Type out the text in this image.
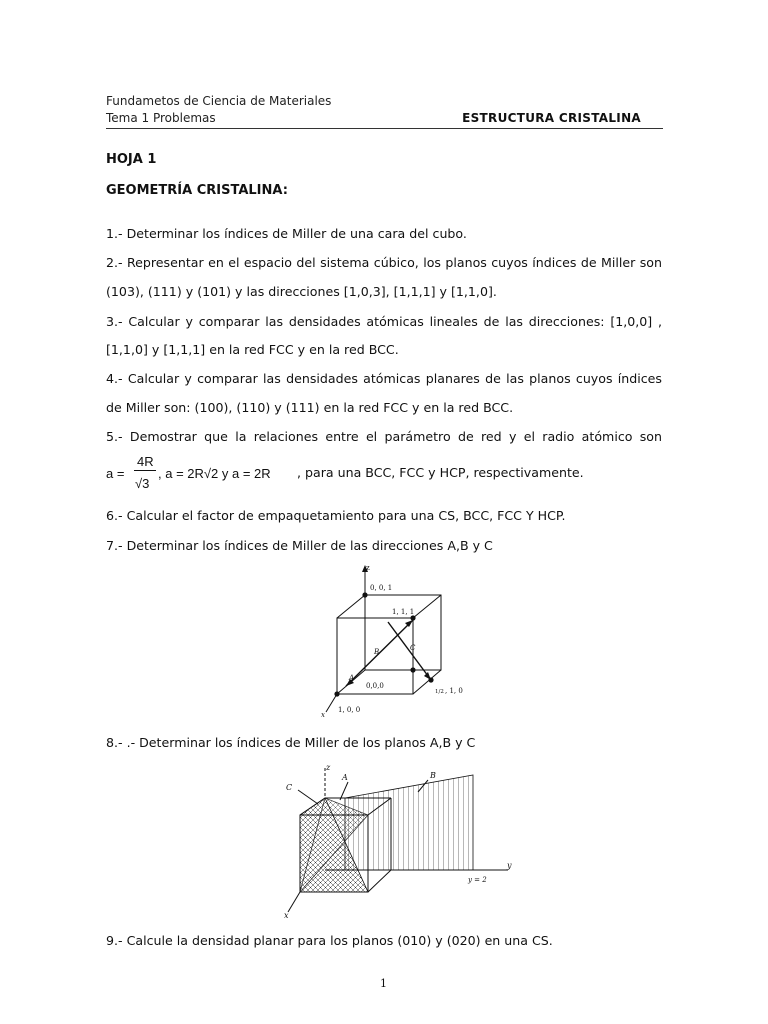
Fundametos de Ciencia de Materiales
Tema 1 Problemas	ESTRUCTURA CRISTALINA
HOJA 1
GEOMETRÍA CRISTALINA:
1.- Determinar los índices de Miller de una cara del cubo.
2.- Representar en el espacio del sistema cúbico, los planos cuyos índices de Miller son
(103), (111) y (101) y las direcciones [1,0,3], [1,1,1] y [1,1,0].
3.- Calcular y comparar las densidades atómicas lineales de las direcciones: [1,0,0] ,
[1,1,0] y [1,1,1] en la red FCC y en la red BCC.
4.- Calcular y comparar las densidades atómicas planares de las planos cuyos índices
de Miller son: (100), (110) y (111) en la red FCC y en la red BCC.
5.- Demostrar que la relaciones entre el parámetro de red y el radio atómico son
a =
4R
√3
, a = 2R√2 y a = 2R , para una BCC, FCC y HCP, respectivamente.
6.- Calcular el factor de empaquetamiento para una CS, BCC, FCC Y HCP.
7.- Determinar los índices de Miller de las direcciones A,B y C
z
0, 0, 1
1, 1, 1
A
B	C
0,0,0
1, 0, 0
x
1/2 , 1, 0
8.- .- Determinar los índices de Miller de los planos A,B y C
z
x
y
A	B
C
y = 2
9.- Calcule la densidad planar para los planos (010) y (020) en una CS.
1
